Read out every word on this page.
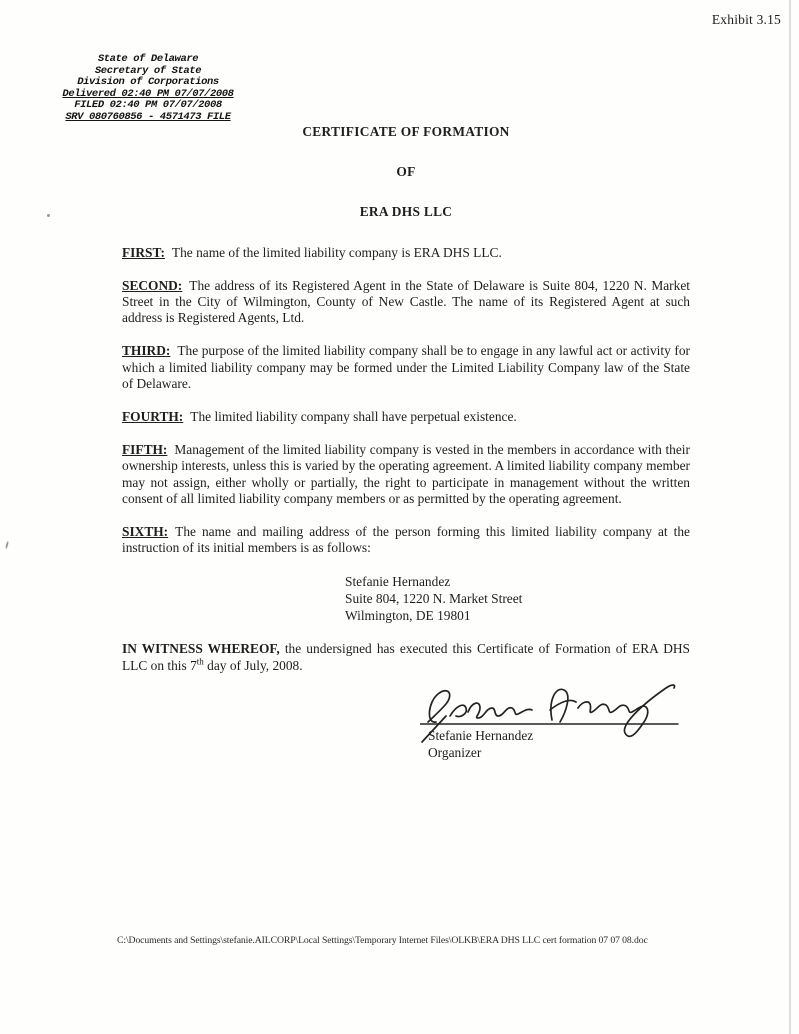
Exhibit 3.15
State of Delaware
Secretary of State
Division of Corporations
Delivered 02:40 PM 07/07/2008
FILED 02:40 PM 07/07/2008
SRV 080760856 - 4571473 FILE
CERTIFICATE OF FORMATION
OF
ERA DHS LLC

FIRST: The name of the limited liability company is ERA DHS LLC.

SECOND: The address of its Registered Agent in the State of Delaware is Suite 804, 1220 N. Market Street in the City of Wilmington, County of New Castle. The name of its Registered Agent at such address is Registered Agents, Ltd.

THIRD: The purpose of the limited liability company shall be to engage in any lawful act or activity for which a limited liability company may be formed under the Limited Liability Company law of the State of Delaware.

FOURTH: The limited liability company shall have perpetual existence.

FIFTH: Management of the limited liability company is vested in the members in accordance with their ownership interests, unless this is varied by the operating agreement. A limited liability company member may not assign, either wholly or partially, the right to participate in management without the written consent of all limited liability company members or as permitted by the operating agreement.

SIXTH: The name and mailing address of the person forming this limited liability company at the instruction of its initial members is as follows:

Stefanie Hernandez
Suite 804, 1220 N. Market Street
Wilmington, DE 19801

IN WITNESS WHEREOF, the undersigned has executed this Certificate of Formation of ERA DHS LLC on this 7th day of July, 2008.

Stefanie Hernandez
Organizer
C:\Documents and Settings\stefanie.AILCORP\Local Settings\Temporary Internet Files\OLKB\ERA DHS LLC cert formation 07 07 08.doc
